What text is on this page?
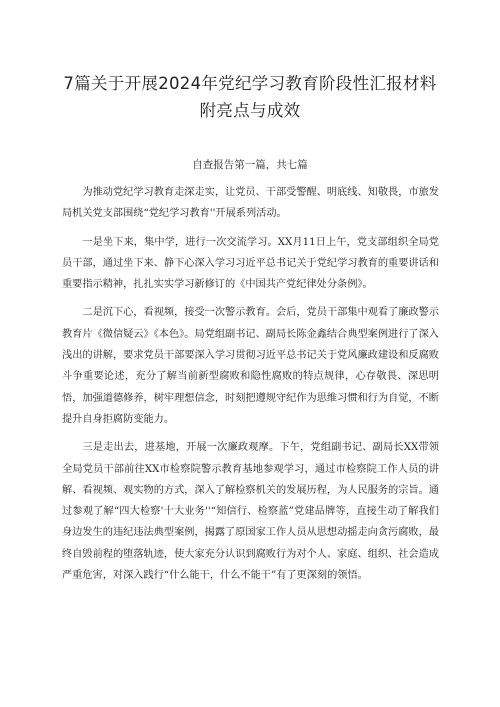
7篇关于开展2024年党纪学习教育阶段性汇报材料
附亮点与成效

自查报告第一篇，共七篇

为推动党纪学习教育走深走实，让党员、干部受警醒、明底线、知敬畏，市旅发局机关党支部围绕“党纪学习教育''开展系列活动。

一是坐下来，集中学，进行一次交流学习。XX月11日上午，党支部组织全局党员干部，通过坐下来、静下心深入学习习近平总书记关于党纪学习教育的重要讲话和重要指示精神，扎扎实实学习新修订的《中国共产党纪律处分条例》。

二是沉下心，看视频，接受一次警示教育。会后，党员干部集中观看了廉政警示教育片《微信疑云》《本色》。局党组副书记、副局长陈金鑫结合典型案例进行了深入浅出的讲解，要求党员干部要深入学习贯彻习近平总书记关于党风廉政建设和反腐败斗争重要论述，充分了解当前新型腐败和隐性腐败的特点规律，心存敬畏、深思明悟，加强道德修养，树牢理想信念，时刻把遵规守纪作为思维习惯和行为自觉，不断提升自身拒腐防变能力。

三是走出去，进基地，开展一次廉政观摩。下午，党组副书记、副局长XX带领全局党员干部前往XX市检察院警示教育基地参观学习，通过市检察院工作人员的讲解、看视频、观实物的方式，深入了解检察机关的发展历程，为人民服务的宗旨。通过参观了解“四大检察'十大业务''“知信行、检察蓝”党建品牌等，直接生动了解我们身边发生的违纪违法典型案例，揭露了原国家工作人员从思想动摇走向贪污腐败，最终自毁前程的堕落轨迹，使大家充分认识到腐败行为对个人、家庭、组织、社会造成严重危害，对深入践行“什么能干，什么不能干”有了更深刻的领悟。
